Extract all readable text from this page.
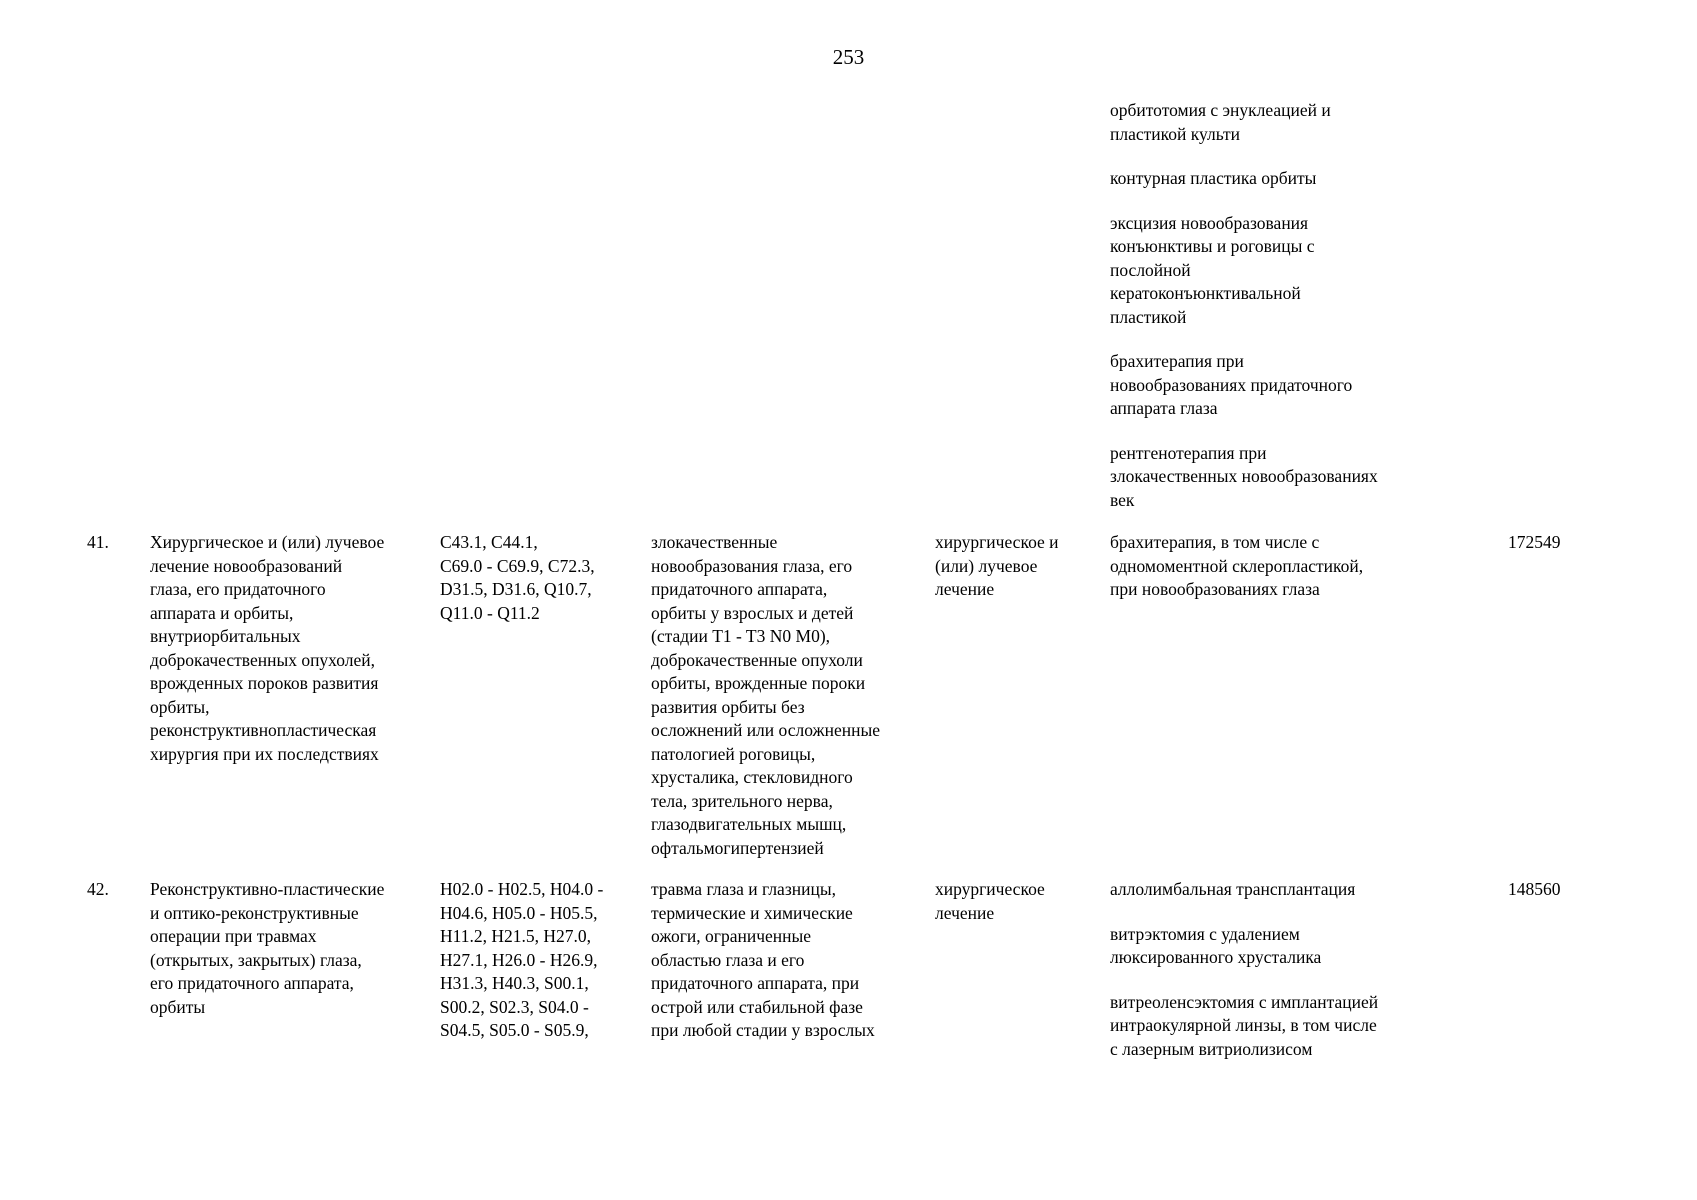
253
орбитотомия с энуклеацией и
пластикой культи
контурная пластика орбиты
эксцизия новообразования
конъюнктивы и роговицы с
послойной
кератоконъюнктивальной
пластикой
брахитерапия при
новообразованиях придаточного
аппарата глаза
рентгенотерапия при
злокачественных новообразованиях
век
41.	Хирургическое и (или) лучевое
лечение новообразований
глаза, его придаточного
аппарата и орбиты,
внутриорбитальных
доброкачественных опухолей,
врожденных пороков развития
орбиты,
реконструктивнопластическая
хирургия при их последствиях
C43.1, C44.1,
C69.0 - C69.9, C72.3,
D31.5, D31.6, Q10.7,
Q11.0 - Q11.2
злокачественные
новообразования глаза, его
придаточного аппарата,
орбиты у взрослых и детей
(стадии T1 - T3 N0 M0),
доброкачественные опухоли
орбиты, врожденные пороки
развития орбиты без
осложнений или осложненные
патологией роговицы,
хрусталика, стекловидного
тела, зрительного нерва,
глазодвигательных мышц,
офтальмогипертензией
хирургическое и
(или) лучевое
лечение
брахитерапия, в том числе с
одномоментной склеропластикой,
при новообразованиях глаза
172549
42.	Реконструктивно-пластические
и оптико-реконструктивные
операции при травмах
(открытых, закрытых) глаза,
его придаточного аппарата,
орбиты
H02.0 - H02.5, H04.0 -
H04.6, H05.0 - H05.5,
H11.2, H21.5, H27.0,
H27.1, H26.0 - H26.9,
H31.3, H40.3, S00.1,
S00.2, S02.3, S04.0 -
S04.5, S05.0 - S05.9,
травма глаза и глазницы,
термические и химические
ожоги, ограниченные
областью глаза и его
придаточного аппарата, при
острой или стабильной фазе
при любой стадии у взрослых
хирургическое
лечение
аллолимбальная трансплантация
витрэктомия с удалением
люксированного хрусталика
витреоленсэктомия с имплантацией
интраокулярной линзы, в том числе
с лазерным витриолизисом
148560
